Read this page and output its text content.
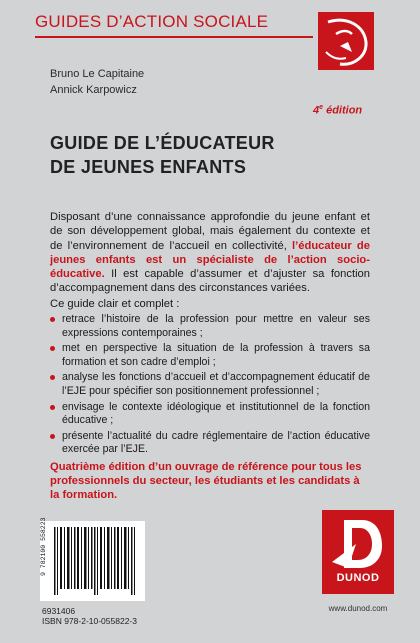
GUIDES D’ACTION SOCIALE
Bruno Le Capitaine
Annick Karpowicz
4e édition
GUIDE DE L’ÉDUCATEUR
DE JEUNES ENFANTS
Disposant d’une connaissance approfondie du jeune enfant et de son développement global, mais également du contexte et de l’environnement de l’accueil en collectivité, l’éducateur de jeunes enfants est un spécialiste de l’action socio-éducative. Il est capable d’assumer et d’ajuster sa fonction d’accompagnement dans des circonstances variées.
Ce guide clair et complet :
retrace l’histoire de la profession pour mettre en valeur ses expressions contemporaines ;
met en perspective la situation de la profession à travers sa formation et son cadre d’emploi ;
analyse les fonctions d’accueil et d’accompagnement éducatif de l’EJE pour spécifier son positionnement professionnel ;
envisage le contexte idéologique et institutionnel de la fonction éducative ;
présente l’actualité du cadre réglementaire de l’action éducative exercée par l’EJE.
Quatrième édition d’un ouvrage de référence pour tous les professionnels du secteur, les étudiants et les candidats à la formation.
9 782100 558223
6931406
ISBN 978-2-10-055822-3
DUNOD
www.dunod.com
